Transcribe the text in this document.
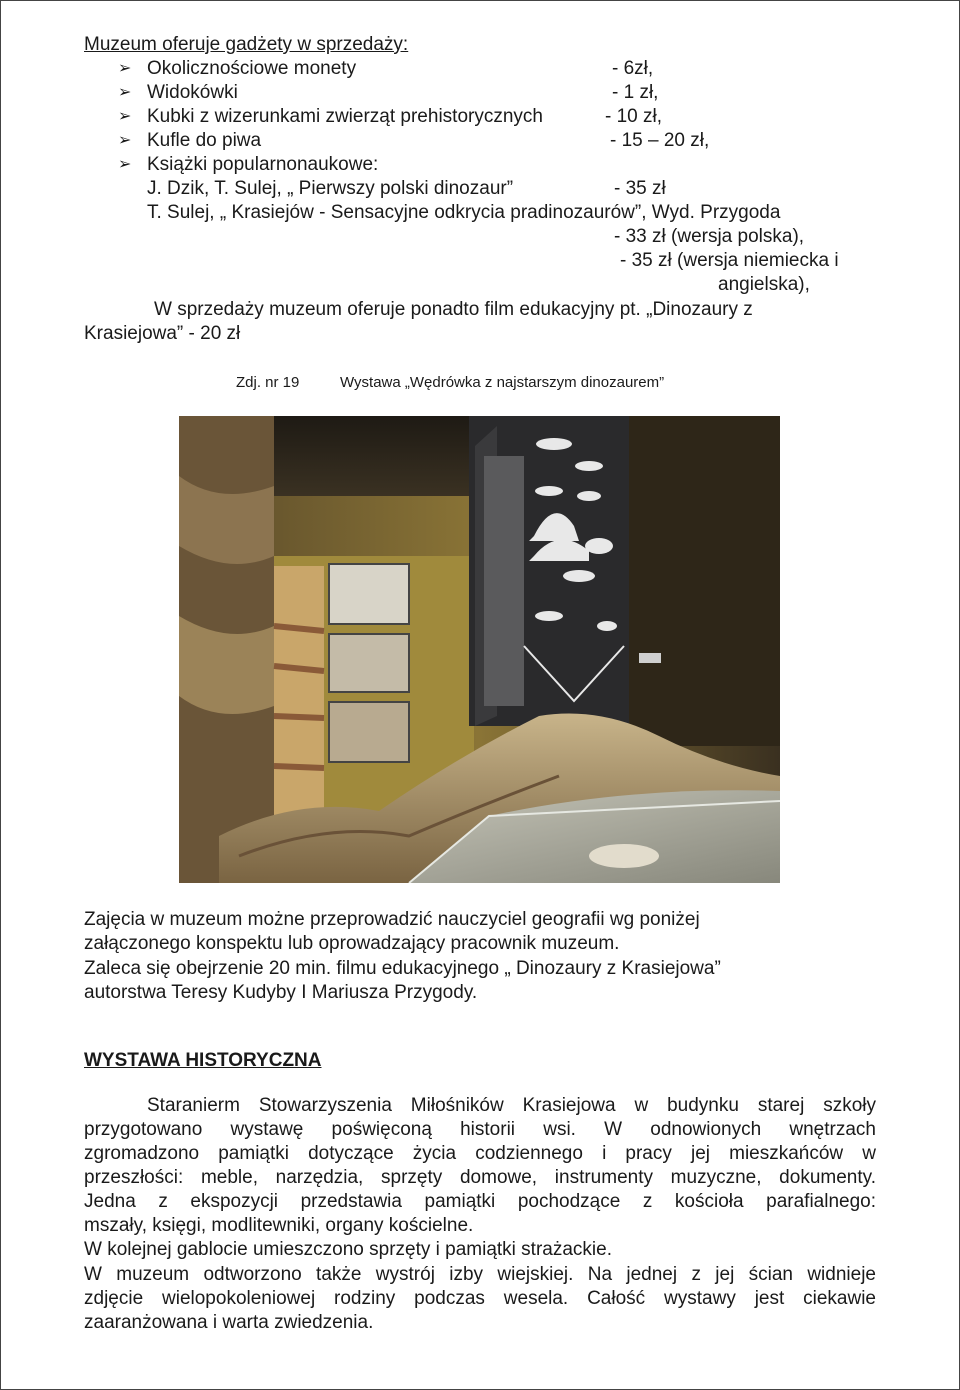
Muzeum oferuje gadżety w sprzedaży:
➢ Okolicznościowe monety	- 6zł,
➢ Widokówki	- 1 zł,
➢ Kubki z wizerunkami zwierząt prehistorycznych	- 10 zł,
➢ Kufle do piwa	- 15 – 20 zł,
➢ Książki popularnonaukowe:
J. Dzik, T. Sulej, „ Pierwszy polski dinozaur”	- 35 zł
T. Sulej, „ Krasiejów - Sensacyjne odkrycia pradinozaurów”, Wyd. Przygoda
- 33 zł (wersja polska),
- 35 zł (wersja niemiecka i
angielska),
W sprzedaży muzeum oferuje ponadto film edukacyjny pt. „Dinozaury z
Krasiejowa” - 20 zł
Zdj. nr 19	Wystawa „Wędrówka z najstarszym dinozaurem”
Zajęcia w muzeum możne przeprowadzić nauczyciel geografii wg poniżej
załączonego konspektu lub oprowadzający pracownik muzeum.
Zaleca się obejrzenie 20 min. filmu edukacyjnego „ Dinozaury z Krasiejowa”
autorstwa Teresy Kudyby I Mariusza Przygody.
WYSTAWA HISTORYCZNA
Staranierm Stowarzyszenia Miłośników Krasiejowa w budynku starej szkoły
przygotowano wystawę poświęconą historii wsi. W odnowionych wnętrzach
zgromadzono pamiątki dotyczące życia codziennego i pracy jej mieszkańców w
przeszłości: meble, narzędzia, sprzęty domowe, instrumenty muzyczne, dokumenty.
Jedna z ekspozycji przedstawia pamiątki pochodzące z kościoła parafialnego:
mszały, księgi, modlitewniki, organy kościelne.
W kolejnej gablocie umieszczono sprzęty i pamiątki strażackie.
W muzeum odtworzono także wystrój izby wiejskiej. Na jednej z jej ścian widnieje
zdjęcie wielopokoleniowej rodziny podczas wesela. Całość wystawy jest ciekawie
zaaranżowana i warta zwiedzenia.
